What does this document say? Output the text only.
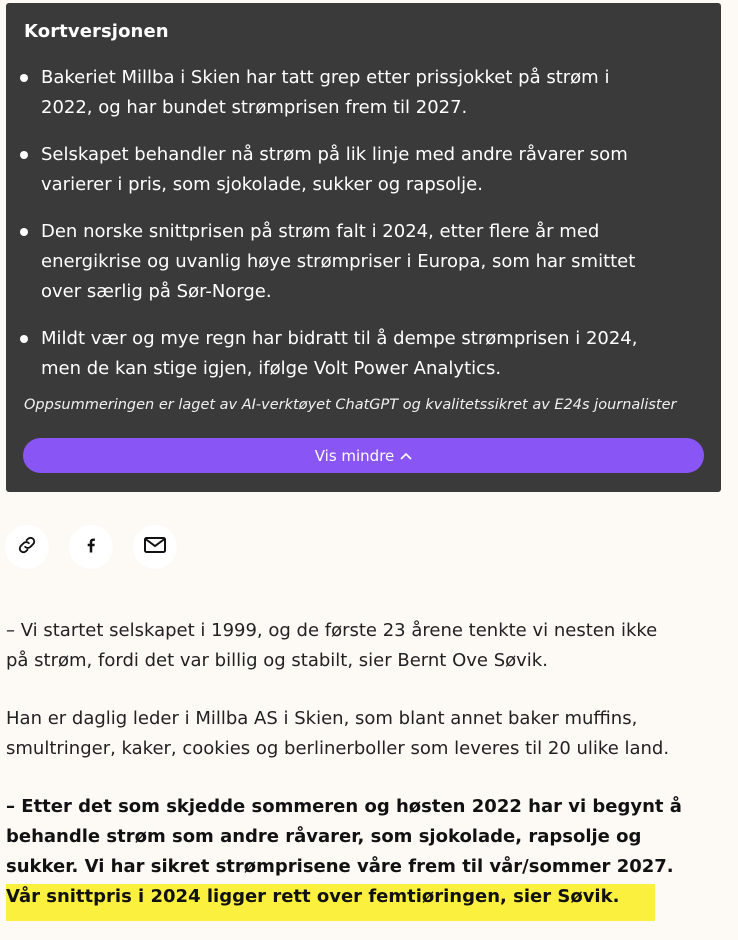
Kortversjonen
Bakeriet Millba i Skien har tatt grep etter prissjokket på strøm i
2022, og har bundet strømprisen frem til 2027.
Selskapet behandler nå strøm på lik linje med andre råvarer som
varierer i pris, som sjokolade, sukker og rapsolje.
Den norske snittprisen på strøm falt i 2024, etter flere år med
energikrise og uvanlig høye strømpriser i Europa, som har smittet
over særlig på Sør-Norge.
Mildt vær og mye regn har bidratt til å dempe strømprisen i 2024,
men de kan stige igjen, ifølge Volt Power Analytics.
Oppsummeringen er laget av AI-verktøyet ChatGPT og kvalitetssikret av E24s journalister
Vis mindre

– Vi startet selskapet i 1999, og de første 23 årene tenkte vi nesten ikke
på strøm, fordi det var billig og stabilt, sier Bernt Ove Søvik.

Han er daglig leder i Millba AS i Skien, som blant annet baker muffins,
smultringer, kaker, cookies og berlinerboller som leveres til 20 ulike land.

– Etter det som skjedde sommeren og høsten 2022 har vi begynt å
behandle strøm som andre råvarer, som sjokolade, rapsolje og
sukker. Vi har sikret strømprisene våre frem til vår/sommer 2027.
Vår snittpris i 2024 ligger rett over femtiøringen, sier Søvik.
